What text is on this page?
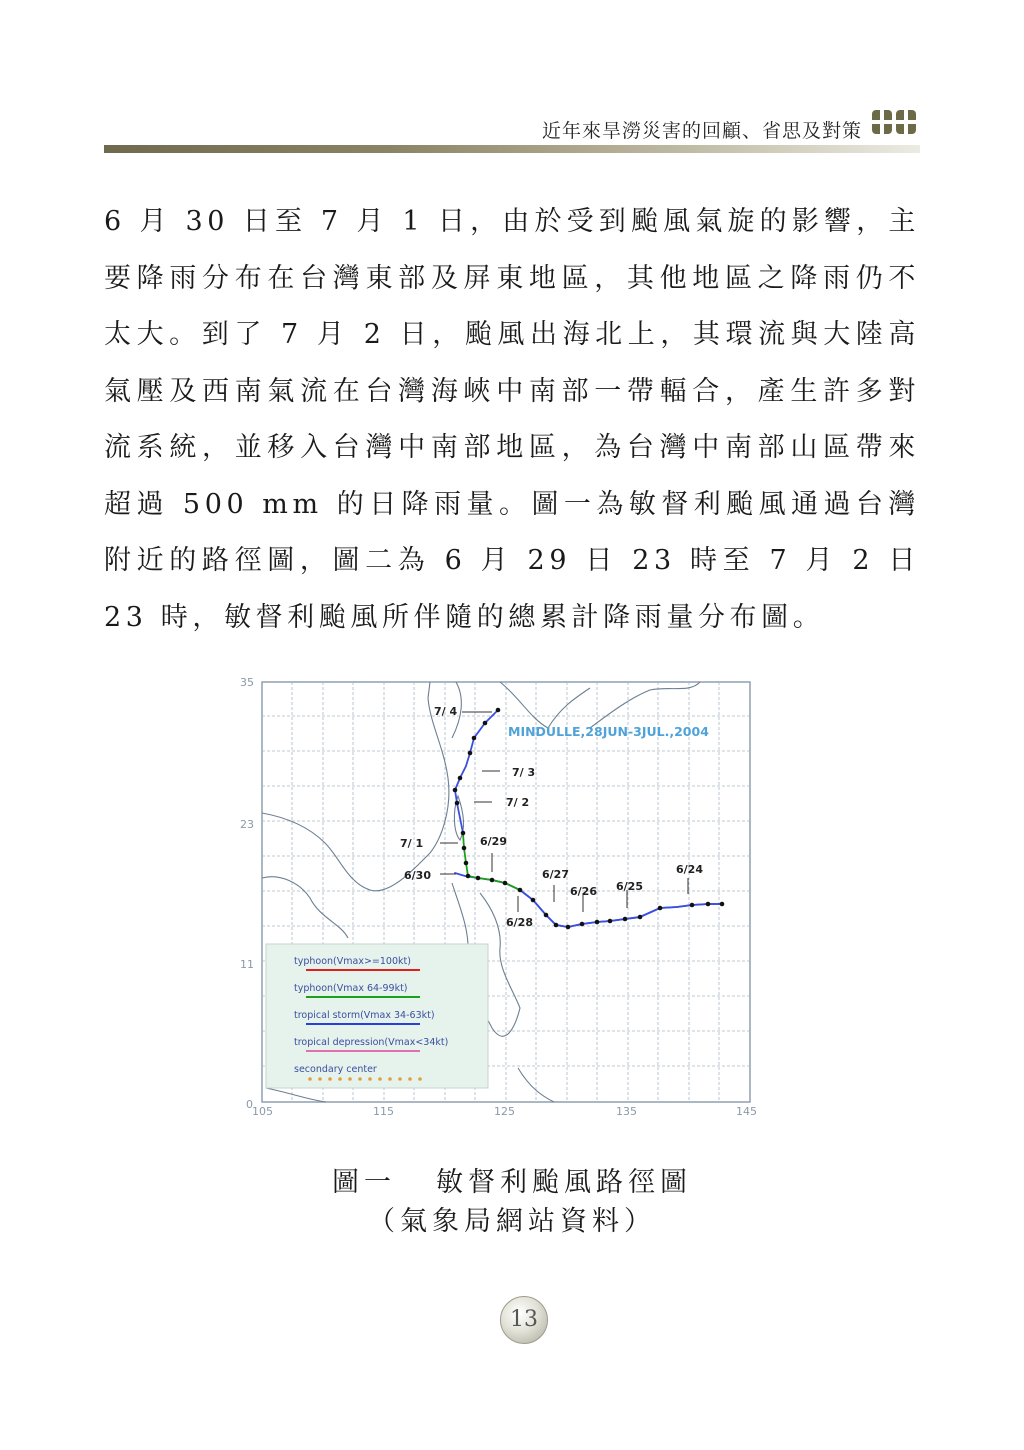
近年來旱澇災害的回顧、省思及對策

6 月 30 日至 7 月 1 日，由於受到颱風氣旋的影響，主要降雨分布在台灣東部及屏東地區，其他地區之降雨仍不太大。到了 7 月 2 日，颱風出海北上，其環流與大陸高氣壓及西南氣流在台灣海峽中南部一帶輻合，產生許多對流系統，並移入台灣中南部地區，為台灣中南部山區帶來超過 500 mm 的日降雨量。圖一為敏督利颱風通過台灣附近的路徑圖，圖二為 6 月 29 日 23 時至 7 月 2 日 23 時，敏督利颱風所伴隨的總累計降雨量分布圖。

7/ 4
7/ 3
7/ 2
7/ 1	6/29
6/30	6/27
6/26 6/25
6/24
6/28
MINDULLE,28JUN-3JUL.,2004
105	115	125	135	145
35
23
11
0
typhoon(Vmax>=100kt)
typhoon(Vmax 64-99kt)
tropical storm(Vmax 34-63kt)
tropical depression(Vmax<34kt)
secondary center
圖一 敏督利颱風路徑圖
（氣象局網站資料）
13
